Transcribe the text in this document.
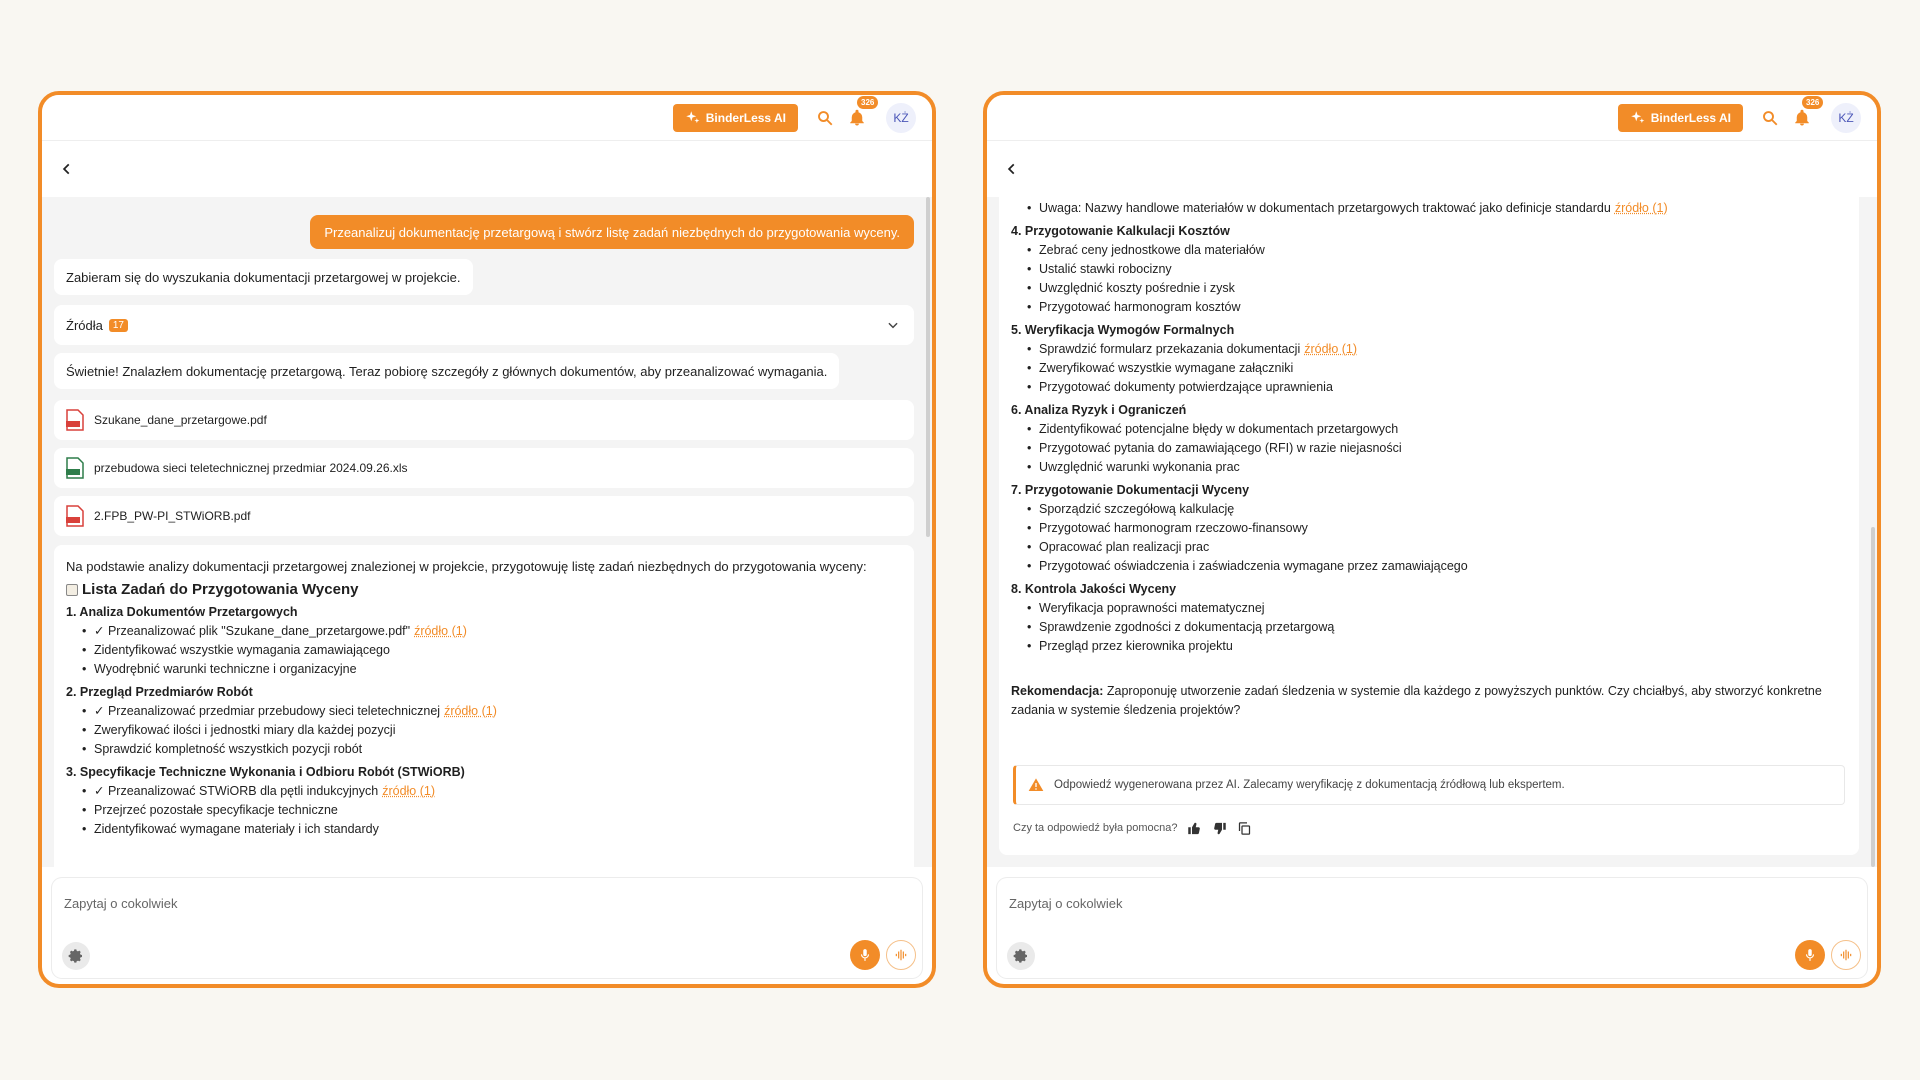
BinderLess AI
326
KŻ
Przeanalizuj dokumentację przetargową i stwórz listę zadań niezbędnych do przygotowania wyceny.
Zabieram się do wyszukania dokumentacji przetargowej w projekcie.
Źródła	17
Świetnie! Znalazłem dokumentację przetargową. Teraz pobiorę szczegóły z głównych dokumentów, aby przeanalizować wymagania.
Szukane_dane_przetargowe.pdf
przebudowa sieci teletechnicznej przedmiar 2024.09.26.xls
2.FPB_PW-PI_STWiORB.pdf
Na podstawie analizy dokumentacji przetargowej znalezionej w projekcie, przygotowuję listę zadań niezbędnych do przygotowania wyceny:
Lista Zadań do Przygotowania Wyceny
1. Analiza Dokumentów Przetargowych
• ✓ Przeanalizować plik "Szukane_dane_przetargowe.pdf" źródło (1)
• Zidentyfikować wszystkie wymagania zamawiającego
• Wyodrębnić warunki techniczne i organizacyjne
2. Przegląd Przedmiarów Robót
• ✓ Przeanalizować przedmiar przebudowy sieci teletechnicznej źródło (1)
• Zweryfikować ilości i jednostki miary dla każdej pozycji
• Sprawdzić kompletność wszystkich pozycji robót
3. Specyfikacje Techniczne Wykonania i Odbioru Robót (STWiORB)
• ✓ Przeanalizować STWiORB dla pętli indukcyjnych źródło (1)
• Przejrzeć pozostałe specyfikacje techniczne
• Zidentyfikować wymagane materiały i ich standardy
Zapytaj o cokolwiek
BinderLess AI
326
KŻ
• Uwaga: Nazwy handlowe materiałów w dokumentach przetargowych traktować jako definicje standardu źródło (1)
4. Przygotowanie Kalkulacji Kosztów
• Zebrać ceny jednostkowe dla materiałów
• Ustalić stawki robocizny
• Uwzględnić koszty pośrednie i zysk
• Przygotować harmonogram kosztów
5. Weryfikacja Wymogów Formalnych
• Sprawdzić formularz przekazania dokumentacji źródło (1)
• Zweryfikować wszystkie wymagane załączniki
• Przygotować dokumenty potwierdzające uprawnienia
6. Analiza Ryzyk i Ograniczeń
• Zidentyfikować potencjalne błędy w dokumentach przetargowych
• Przygotować pytania do zamawiającego (RFI) w razie niejasności
• Uwzględnić warunki wykonania prac
7. Przygotowanie Dokumentacji Wyceny
• Sporządzić szczegółową kalkulację
• Przygotować harmonogram rzeczowo-finansowy
• Opracować plan realizacji prac
• Przygotować oświadczenia i zaświadczenia wymagane przez zamawiającego
8. Kontrola Jakości Wyceny
• Weryfikacja poprawności matematycznej
• Sprawdzenie zgodności z dokumentacją przetargową
• Przegląd przez kierownika projektu
Rekomendacja: Zaproponuję utworzenie zadań śledzenia w systemie dla każdego z powyższych punktów. Czy chciałbyś, aby stworzyć konkretne zadania w systemie śledzenia projektów?
Odpowiedź wygenerowana przez AI. Zalecamy weryfikację z dokumentacją źródłową lub ekspertem.
Czy ta odpowiedź była pomocna?
Zapytaj o cokolwiek
